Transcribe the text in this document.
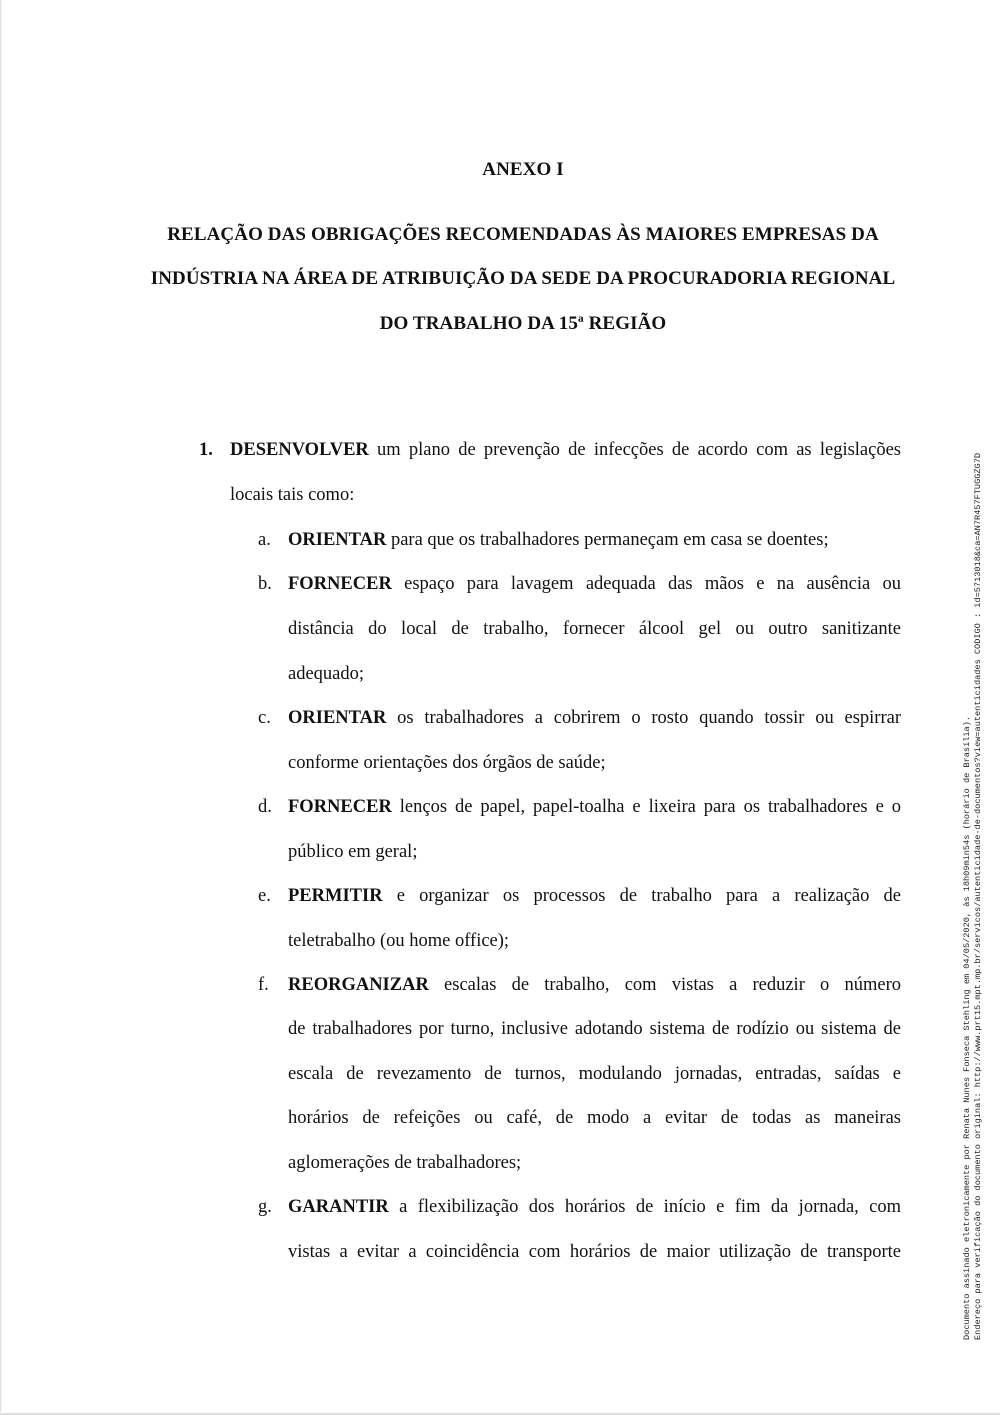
ANEXO I
RELAÇÃO DAS OBRIGAÇÕES RECOMENDADAS ÀS MAIORES EMPRESAS DA
INDÚSTRIA NA ÁREA DE ATRIBUIÇÃO DA SEDE DA PROCURADORIA REGIONAL
DO TRABALHO DA 15ª REGIÃO
1. DESENVOLVER um plano de prevenção de infecções de acordo com as legislações
locais tais como:
a. ORIENTAR para que os trabalhadores permaneçam em casa se doentes;
b. FORNECER espaço para lavagem adequada das mãos e na ausência ou
distância do local de trabalho, fornecer álcool gel ou outro sanitizante
adequado;
c. ORIENTAR os trabalhadores a cobrirem o rosto quando tossir ou espirrar
conforme orientações dos órgãos de saúde;
d. FORNECER lenços de papel, papel-toalha e lixeira para os trabalhadores e o
público em geral;
e. PERMITIR e organizar os processos de trabalho para a realização de
teletrabalho (ou home office);
f. REORGANIZAR escalas de trabalho, com vistas a reduzir o número
de trabalhadores por turno, inclusive adotando sistema de rodízio ou sistema de
escala de revezamento de turnos, modulando jornadas, entradas, saídas e
horários de refeições ou café, de modo a evitar de todas as maneiras
aglomerações de trabalhadores;
g. GARANTIR a flexibilização dos horários de início e fim da jornada, com
vistas a evitar a coincidência com horários de maior utilização de transporte	Documento assinado eletronicamente por Renata Nunes Fonseca Stehling em 04/05/2020, às 18h09min54s (horário de Brasília). Endereço para verificação do documento original: http://www.prt15.mpt.mp.br/servicos/autenticidade-de-documentos?view=autenticidades CODIGO : id=5713018&ca=AN7R457FTUGGZG7D
